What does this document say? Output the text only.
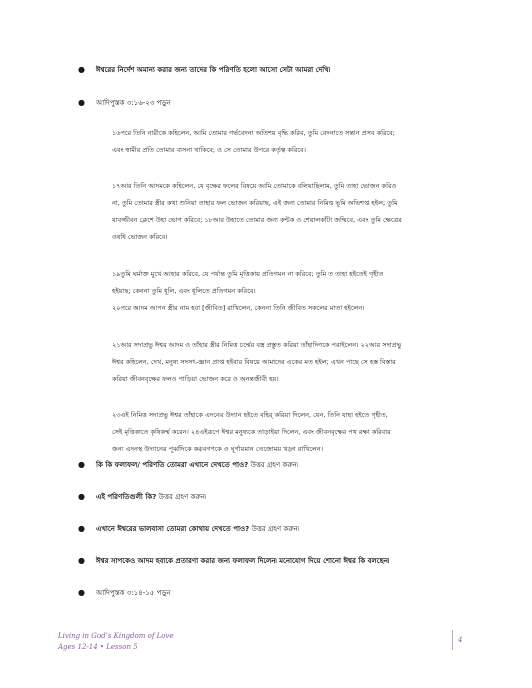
●	ঈশ্বরের নির্দেশ অমান্য করার জন্য তাদের কি পরিণতি হলো আসো সেটা আমরা দেখি৷
●	আদিপুস্তক ৩:১৬-২৩ পড়ুন

১৬পরে তিনি নারীকে কহিলেন, আমি তোমার গর্ভবেদনা অতিশয় বৃদ্ধি করিব, তুমি বেদনাতে সন্তান প্রসব করিবে;

এবং স্বামীর প্রতি তোমার বাসনা থাকিবে; ও সে তোমার উপরে কর্তৃত্ব করিবে।

১৭আর তিনি আদমকে কহিলেন, যে বৃক্ষের ফলের বিষয়ে আমি তোমাকে বলিয়াছিলাম, তুমি তাহা ভোজন করিও

না, তুমি তোমার স্ত্রীর কথা শুনিয়া তাহার ফল ভোজন করিয়াছ, এই জন্য তোমার নিমিত্ত ভূমি অভিশপ্ত হইল; তুমি

যাবজ্জীবন ক্লেশে উহা ভোগ করিবে; ১৮আর উহাতে তোমার জন্য কন্টক ও শেয়ালকাঁটা জন্মিবে, এবং তুমি ক্ষেত্রের

ওষধি ভোজন করিবে।

১৯তুমি ঘর্মাক্ত মুখে আহার করিবে, যে পর্য্যন্ত তুমি মৃত্তিকায় প্রতিগমন না করিবে; তুমি ত তাহা হইতেই গৃহীত

হইয়াছ; কেননা তুমি ধূলি, এবং ধূলিতে প্রতিগমন করিবে।

২০পরে আদম আপন স্ত্রীর নাম হবা [জীবিত] রাখিলেন, কেননা তিনি জীবিত সকলের মাতা হইলেন।

২১আর সদাপ্রভু ঈশ্বর আদম ও তাঁহার স্ত্রীর নিমিত্ত চর্ম্মের বস্ত্র প্রস্তুত করিয়া তাঁহাদিগকে পরাইলেন। ২২আর সদাপ্রভু

ঈশ্বর কহিলেন, দেখ, মনুষ্য সদসৎ-জ্ঞান প্রাপ্ত হইবার বিষয়ে আমাদের একের মত হইল; এখন পাছে সে হস্ত বিস্তার

করিয়া জীবনবৃক্ষের ফলও পাড়িয়া ভোজন করে ও অনন্তজীবী হয়।

২৩এই নিমিত্ত সদাপ্রভু ঈশ্বর তাঁহাকে এদনের উদ্যান হইতে বহির্ করিয়া দিলেন, যেন, তিনি যাহা হইতে গৃহীত,

সেই মৃত্তিকাতে কৃষিকর্ম্ম করেন। ২৪এইরূপে ঈশ্বর মনুষ্যকে তাড়াইয়া দিলেন, এবং জীবনবৃক্ষের পথ রক্ষা করিবার

জন্য এদনস্থ উদ্যানের পূর্ব্বদিকে করূবগণকে ও ঘূর্ণায়মান তেজোময় খড়্গ রাখিলেন।

●	কি কি ফলাফল/ পরিণতি তোমরা এখানে দেখতে পাও? উত্তর গ্রহণ করুন৷
●	এই পরিণতিগুলী কি? উত্তর গ্রহণ করুন৷
●	এখানে ঈশ্বরের ভালবাসা তোমরা কোথায় দেখতে পাও? উত্তর গ্রহণ করুন৷
●	ঈশ্বর সাপকেও আদম হবাকে প্রতারণা করার জন্য ফলাফল দিলেন৷ মনোযোগ দিয়ে শোনো ঈশ্বর কি বলছেন৷
●	আদিপুস্তক ৩:১৪-১৫ পড়ুন
Living in God’s Kingdom of Love
Ages 12-14 • Lesson 5
4
